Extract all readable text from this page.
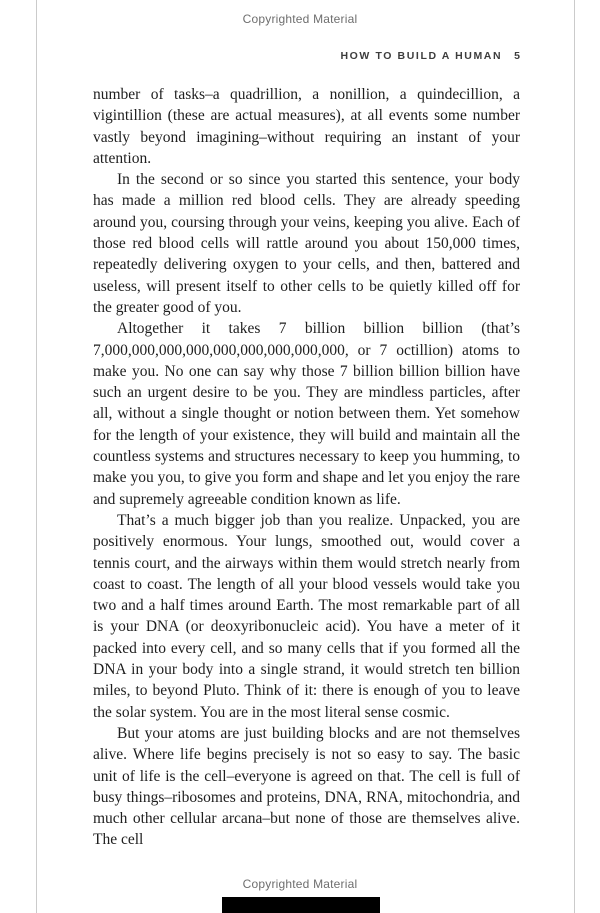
Copyrighted Material
HOW TO BUILD A HUMAN 5

number of tasks–a quadrillion, a nonillion, a quindecillion, a vigintillion (these are actual measures), at all events some number vastly beyond imagining–without requiring an instant of your attention.

In the second or so since you started this sentence, your body has made a million red blood cells. They are already speeding around you, coursing through your veins, keeping you alive. Each of those red blood cells will rattle around you about 150,000 times, repeatedly delivering oxygen to your cells, and then, battered and useless, will present itself to other cells to be quietly killed off for the greater good of you.

Altogether it takes 7 billion billion billion (that’s 7,000,000,000,000,000,000,000,000,000, or 7 octillion) atoms to make you. No one can say why those 7 billion billion billion have such an urgent desire to be you. They are mindless particles, after all, without a single thought or notion between them. Yet somehow for the length of your existence, they will build and maintain all the countless systems and structures necessary to keep you humming, to make you you, to give you form and shape and let you enjoy the rare and supremely agreeable condition known as life.

That’s a much bigger job than you realize. Unpacked, you are positively enormous. Your lungs, smoothed out, would cover a tennis court, and the airways within them would stretch nearly from coast to coast. The length of all your blood vessels would take you two and a half times around Earth. The most remarkable part of all is your DNA (or deoxyribonucleic acid). You have a meter of it packed into every cell, and so many cells that if you formed all the DNA in your body into a single strand, it would stretch ten billion miles, to beyond Pluto. Think of it: there is enough of you to leave the solar system. You are in the most literal sense cosmic.

But your atoms are just building blocks and are not themselves alive. Where life begins precisely is not so easy to say. The basic unit of life is the cell–everyone is agreed on that. The cell is full of busy things–ribosomes and proteins, DNA, RNA, mitochondria, and much other cellular arcana–but none of those are themselves alive. The cell

Copyrighted Material
